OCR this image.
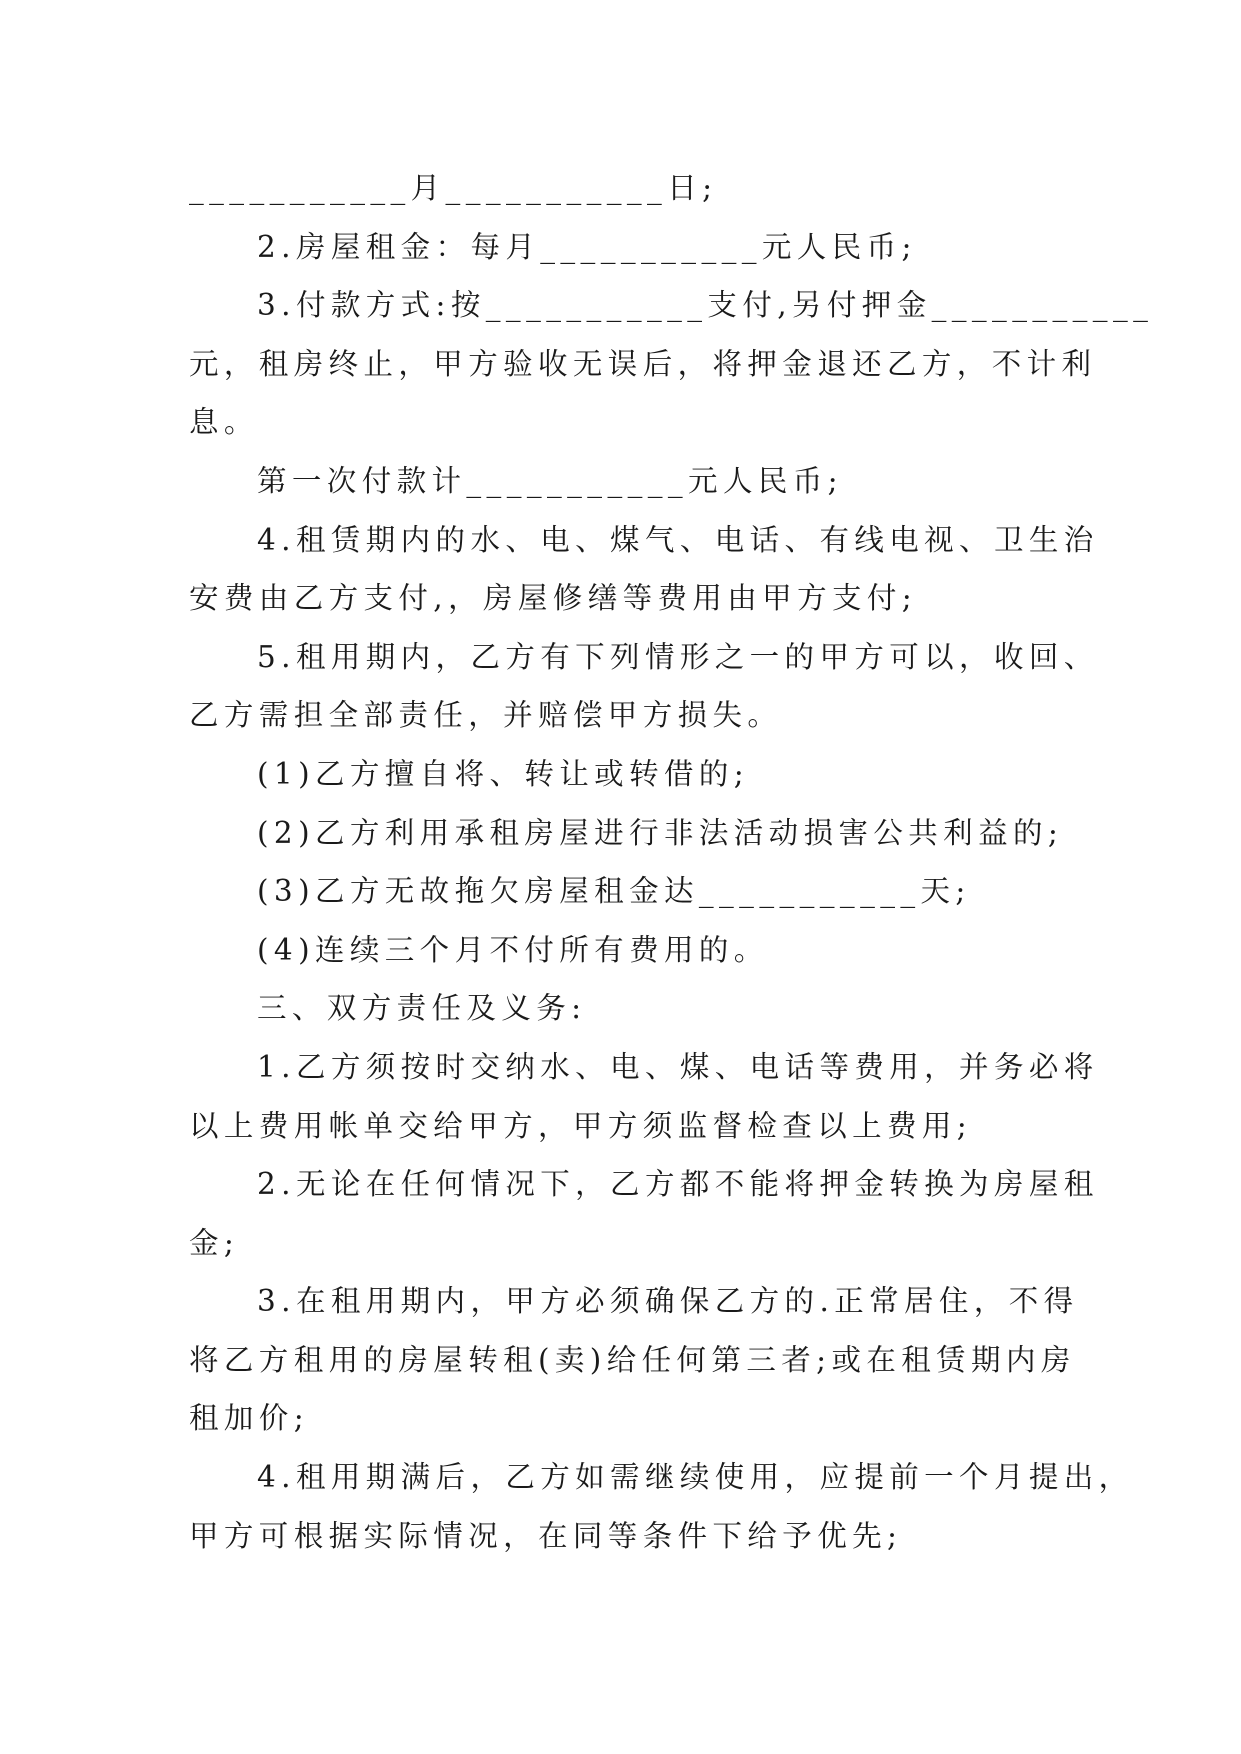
___________月___________日;
2.房屋租金：每月___________元人民币;
3.付款方式:按___________支付,另付押金___________
元，租房终止，甲方验收无误后，将押金退还乙方，不计利
息。
第一次付款计___________元人民币;
4.租赁期内的水、电、煤气、电话、有线电视、卫生治
安费由乙方支付,，房屋修缮等费用由甲方支付;
5.租用期内，乙方有下列情形之一的甲方可以，收回、
乙方需担全部责任，并赔偿甲方损失。
(1)乙方擅自将、转让或转借的;
(2)乙方利用承租房屋进行非法活动损害公共利益的;
(3)乙方无故拖欠房屋租金达___________天;
(4)连续三个月不付所有费用的。
三、双方责任及义务:
1.乙方须按时交纳水、电、煤、电话等费用，并务必将
以上费用帐单交给甲方，甲方须监督检查以上费用;
2.无论在任何情况下，乙方都不能将押金转换为房屋租
金;
3.在租用期内，甲方必须确保乙方的.正常居住，不得
将乙方租用的房屋转租(卖)给任何第三者;或在租赁期内房
租加价;
4.租用期满后，乙方如需继续使用，应提前一个月提出，
甲方可根据实际情况，在同等条件下给予优先;
